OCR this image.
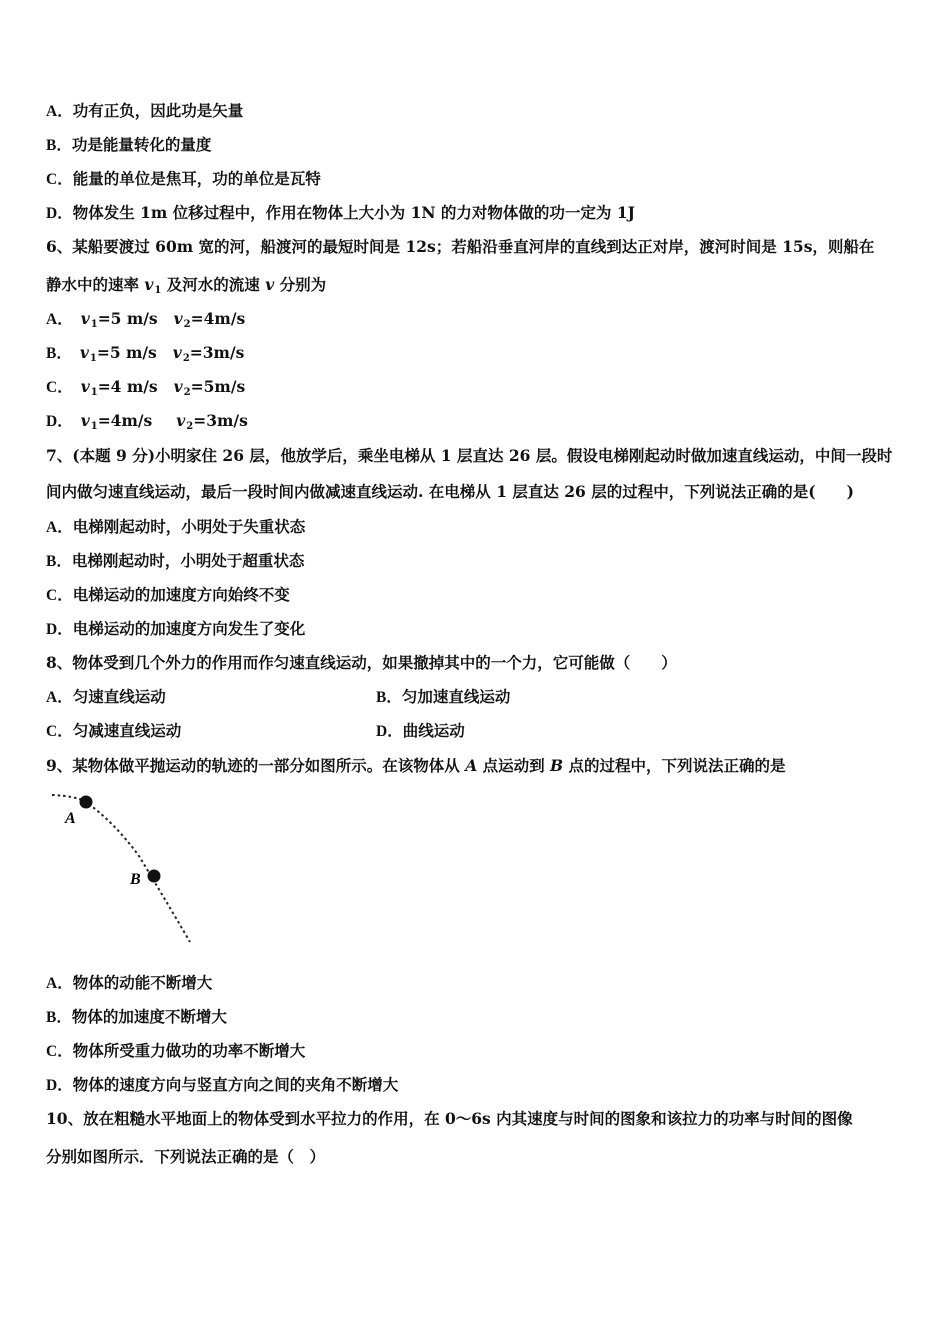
A．功有正负，因此功是矢量
B．功是能量转化的量度
C．能量的单位是焦耳，功的单位是瓦特
D．物体发生 1m 位移过程中，作用在物体上大小为 1N 的力对物体做的功一定为 1J
6、某船要渡过 60m 宽的河，船渡河的最短时间是 12s；若船沿垂直河岸的直线到达正对岸，渡河时间是 15s，则船在
静水中的速率 v1 及河水的流速 v 分别为
A． v1=5 m/s v2=4m/s
B． v1=5 m/s v2=3m/s
C． v1=4 m/s v2=5m/s
D． v1=4m/s v2=3m/s
7、(本题 9 分)小明家住 26 层，他放学后，乘坐电梯从 1 层直达 26 层。假设电梯刚起动时做加速直线运动，中间一段时
间内做匀速直线运动，最后一段时间内做减速直线运动. 在电梯从 1 层直达 26 层的过程中，下列说法正确的是(　　)
A．电梯刚起动时，小明处于失重状态
B．电梯刚起动时，小明处于超重状态
C．电梯运动的加速度方向始终不变
D．电梯运动的加速度方向发生了变化
8、物体受到几个外力的作用而作匀速直线运动，如果撤掉其中的一个力，它可能做（　　）
A．匀速直线运动	B．匀加速直线运动
C．匀减速直线运动	D．曲线运动
9、某物体做平抛运动的轨迹的一部分如图所示。在该物体从 A 点运动到 B 点的过程中，下列说法正确的是
A
B
A．物体的动能不断增大
B．物体的加速度不断增大
C．物体所受重力做功的功率不断增大
D．物体的速度方向与竖直方向之间的夹角不断增大
10、放在粗糙水平地面上的物体受到水平拉力的作用，在 0～6s 内其速度与时间的图象和该拉力的功率与时间的图像
分别如图所示．下列说法正确的是（　）
